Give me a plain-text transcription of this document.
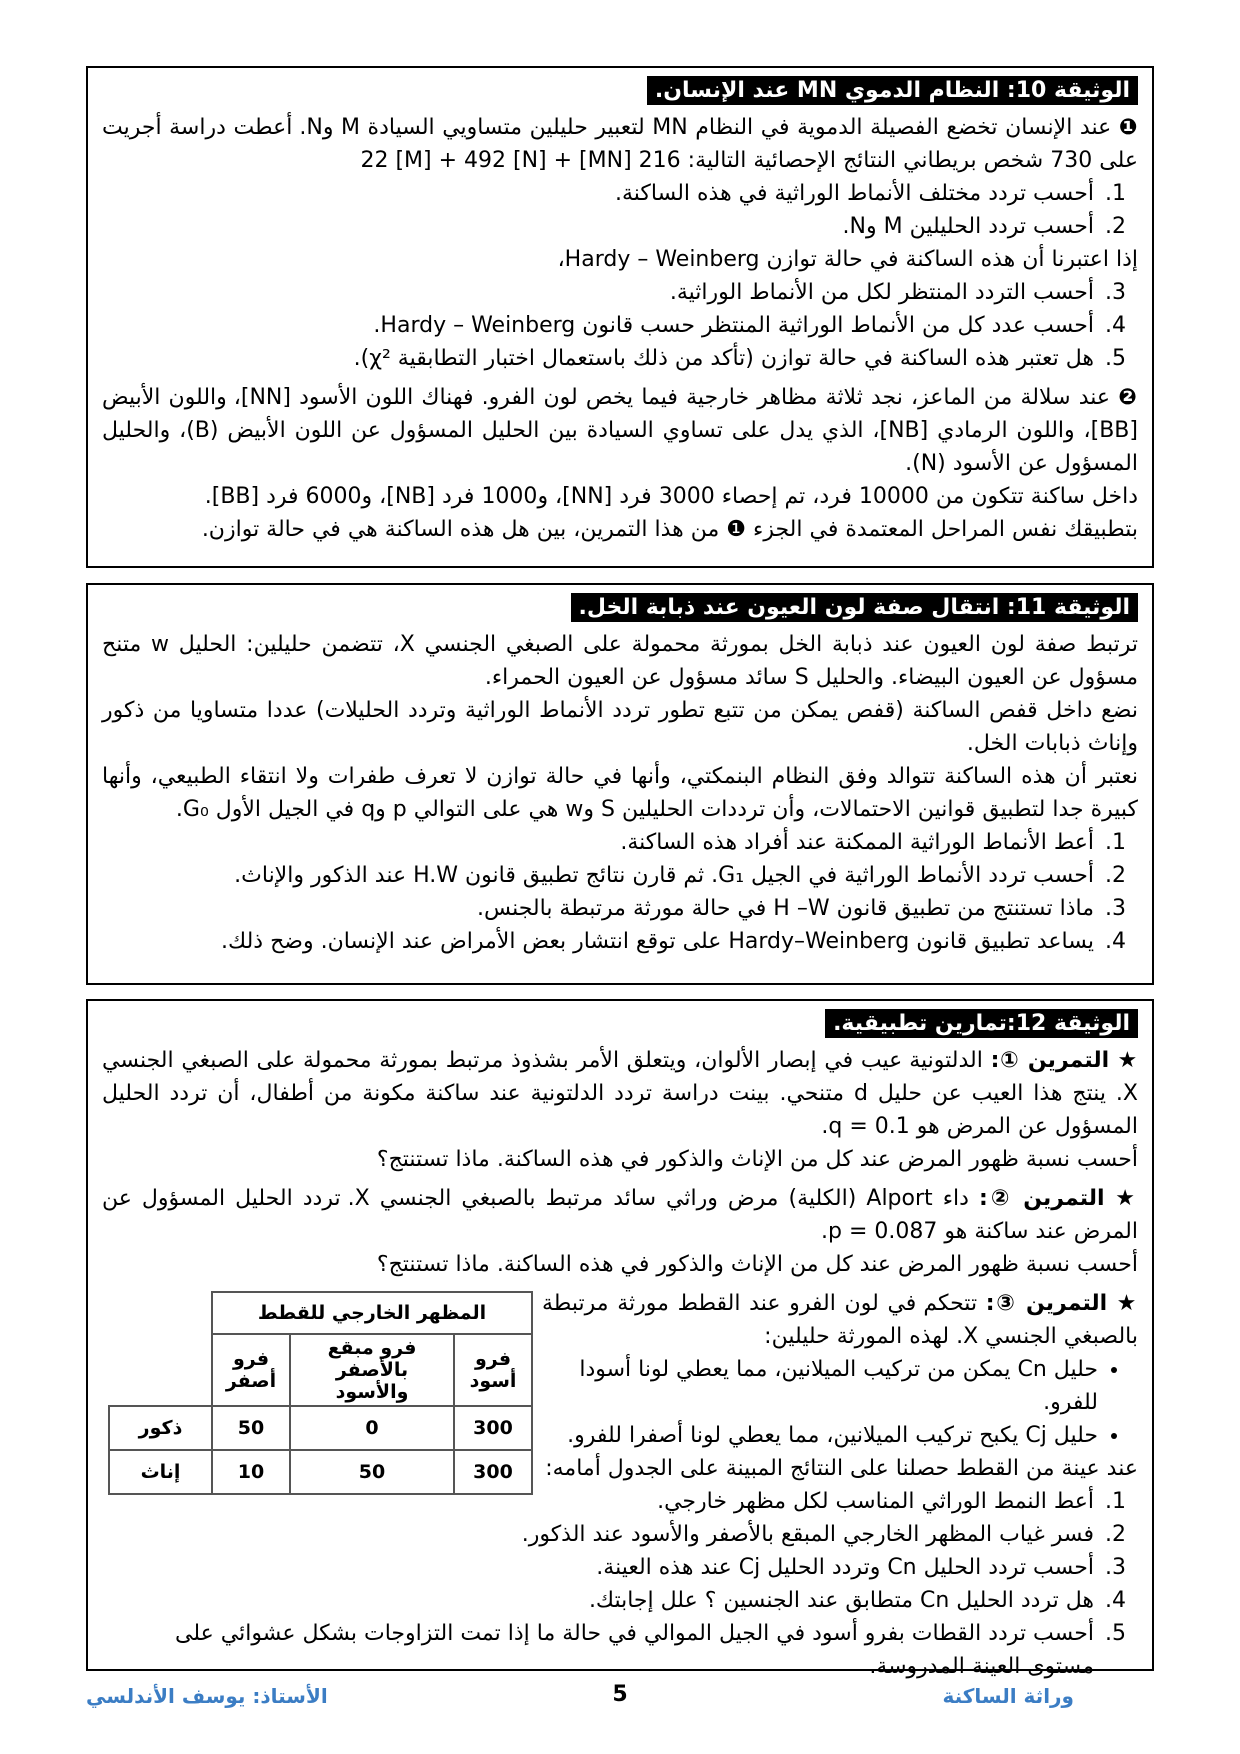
الوثيقة 10: النظام الدموي MN عند الإنسان.

❶ عند الإنسان تخضع الفصيلة الدموية في النظام MN لتعبير حليلين متساويي السيادة M وN. أعطت دراسة أجريت على 730 شخص بريطاني النتائج الإحصائية التالية: 216 [MN] + 22 [M] + 492 [N]

1. أحسب تردد مختلف الأنماط الوراثية في هذه الساكنة.
2. أحسب تردد الحليلين M وN.

إذا اعتبرنا أن هذه الساكنة في حالة توازن Hardy – Weinberg،

3. أحسب التردد المنتظر لكل من الأنماط الوراثية.
4. أحسب عدد كل من الأنماط الوراثية المنتظر حسب قانون Hardy – Weinberg.
5. هل تعتبر هذه الساكنة في حالة توازن (تأكد من ذلك باستعمال اختبار التطابقية χ²).

❷ عند سلالة من الماعز، نجد ثلاثة مظاهر خارجية فيما يخص لون الفرو. فهناك اللون الأسود [NN]، واللون الأبيض [BB]، واللون الرمادي [NB]، الذي يدل على تساوي السيادة بين الحليل المسؤول عن اللون الأبيض (B)، والحليل المسؤول عن الأسود (N).

داخل ساكنة تتكون من 10000 فرد، تم إحصاء 3000 فرد [NN]، و1000 فرد [NB]، و6000 فرد [BB].

بتطبيقك نفس المراحل المعتمدة في الجزء ❶ من هذا التمرين، بين هل هذه الساكنة هي في حالة توازن.

الوثيقة 11: انتقال صفة لون العيون عند ذبابة الخل.

ترتبط صفة لون العيون عند ذبابة الخل بمورثة محمولة على الصبغي الجنسي X، تتضمن حليلين: الحليل w متنح مسؤول عن العيون البيضاء. والحليل S سائد مسؤول عن العيون الحمراء.

نضع داخل قفص الساكنة (قفص يمكن من تتبع تطور تردد الأنماط الوراثية وتردد الحليلات) عددا متساويا من ذكور وإناث ذبابات الخل.

نعتبر أن هذه الساكنة تتوالد وفق النظام البنمكتي، وأنها في حالة توازن لا تعرف طفرات ولا انتقاء الطبيعي، وأنها كبيرة جدا لتطبيق قوانين الاحتمالات، وأن ترددات الحليلين S وw هي على التوالي p وq في الجيل الأول G₀.

1. أعط الأنماط الوراثية الممكنة عند أفراد هذه الساكنة.
2. أحسب تردد الأنماط الوراثية في الجيل G₁. ثم قارن نتائج تطبيق قانون H.W عند الذكور والإناث.
3. ماذا تستنتج من تطبيق قانون H –W في حالة مورثة مرتبطة بالجنس.
4. يساعد تطبيق قانون Hardy–Weinberg على توقع انتشار بعض الأمراض عند الإنسان. وضح ذلك.
الوثيقة 12:تمارين تطبيقية.

★ التمرين ①: الدلتونية عيب في إبصار الألوان، ويتعلق الأمر بشذوذ مرتبط بمورثة محمولة على الصبغي الجنسي X. ينتج هذا العيب عن حليل d متنحي. بينت دراسة تردد الدلتونية عند ساكنة مكونة من أطفال، أن تردد الحليل المسؤول عن المرض هو q = 0.1.

أحسب نسبة ظهور المرض عند كل من الإناث والذكور في هذه الساكنة. ماذا تستنتج؟

★ التمرين ②: داء Alport (الكلية) مرض وراثي سائد مرتبط بالصبغي الجنسي X. تردد الحليل المسؤول عن المرض عند ساكنة هو p = 0.087.

أحسب نسبة ظهور المرض عند كل من الإناث والذكور في هذه الساكنة. ماذا تستنتج؟

المظهر الخارجي للقطط			
فرو أسود	فرو مبقع بالأصفر والأسود	فرو أصفر	
300	0	50	ذكور
300	50	10	إناث

★ التمرين ③: تتحكم في لون الفرو عند القطط مورثة مرتبطة بالصبغي الجنسي X. لهذه المورثة حليلين:

• حليل Cn يمكن من تركيب الميلانين، مما يعطي لونا أسودا للفرو.
• حليل Cj يكبح تركيب الميلانين، مما يعطي لونا أصفرا للفرو.

عند عينة من القطط حصلنا على النتائج المبينة على الجدول أمامه:

1. أعط النمط الوراثي المناسب لكل مظهر خارجي.
2. فسر غياب المظهر الخارجي المبقع بالأصفر والأسود عند الذكور.
3. أحسب تردد الحليل Cn وتردد الحليل Cj عند هذه العينة.
4. هل تردد الحليل Cn متطابق عند الجنسين ؟ علل إجابتك.
5. أحسب تردد القطات بفرو أسود في الجيل الموالي في حالة ما إذا تمت التزاوجات بشكل عشوائي على مستوى العينة المدروسة.
وراثة الساكنة
5
الأستاذ: يوسف الأندلسي
